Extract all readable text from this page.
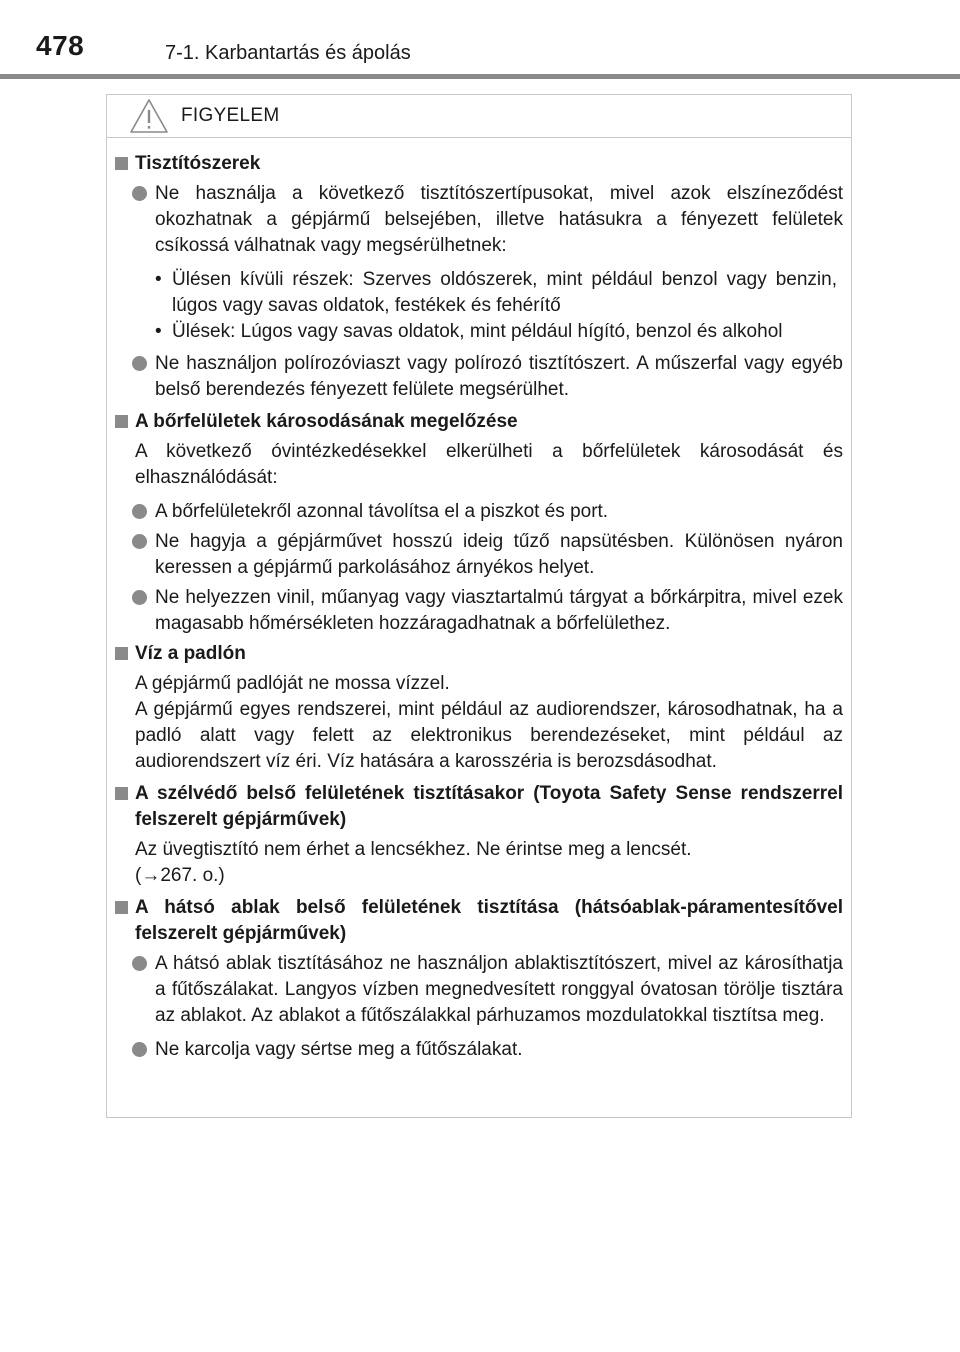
478	7-1. Karbantartás és ápolás
FIGYELEM
Tisztítószerek
Ne használja a következő tisztítószertípusokat, mivel azok elszíneződést okozhatnak a gépjármű belsejében, illetve hatásukra a fényezett felületek csíkossá válhatnak vagy megsérülhetnek:
• Ülésen kívüli részek: Szerves oldószerek, mint például benzol vagy benzin, lúgos vagy savas oldatok, festékek és fehérítő
• Ülések: Lúgos vagy savas oldatok, mint például hígító, benzol és alkohol
Ne használjon polírozóviaszt vagy polírozó tisztítószert. A műszerfal vagy egyéb belső berendezés fényezett felülete megsérülhet.
A bőrfelületek károsodásának megelőzése
A következő óvintézkedésekkel elkerülheti a bőrfelületek károsodását és elhasználódását:
A bőrfelületekről azonnal távolítsa el a piszkot és port.
Ne hagyja a gépjárművet hosszú ideig tűző napsütésben. Különösen nyáron keressen a gépjármű parkolásához árnyékos helyet.
Ne helyezzen vinil, műanyag vagy viasztartalmú tárgyat a bőrkárpitra, mivel ezek magasabb hőmérsékleten hozzáragadhatnak a bőrfelülethez.
Víz a padlón
A gépjármű padlóját ne mossa vízzel.
A gépjármű egyes rendszerei, mint például az audiorendszer, károsodhatnak, ha a padló alatt vagy felett az elektronikus berendezéseket, mint például az audiorendszert víz éri. Víz hatására a karosszéria is berozsdásodhat.
A szélvédő belső felületének tisztításakor (Toyota Safety Sense rendszerrel felszerelt gépjárművek)
Az üvegtisztító nem érhet a lencsékhez. Ne érintse meg a lencsét.
(→267. o.)
A hátsó ablak belső felületének tisztítása (hátsóablak-páramentesítővel felszerelt gépjárművek)
A hátsó ablak tisztításához ne használjon ablaktisztítószert, mivel az károsíthatja a fűtőszálakat. Langyos vízben megnedvesített ronggyal óvatosan törölje tisztára az ablakot. Az ablakot a fűtőszálakkal párhuzamos mozdulatokkal tisztítsa meg.
Ne karcolja vagy sértse meg a fűtőszálakat.
